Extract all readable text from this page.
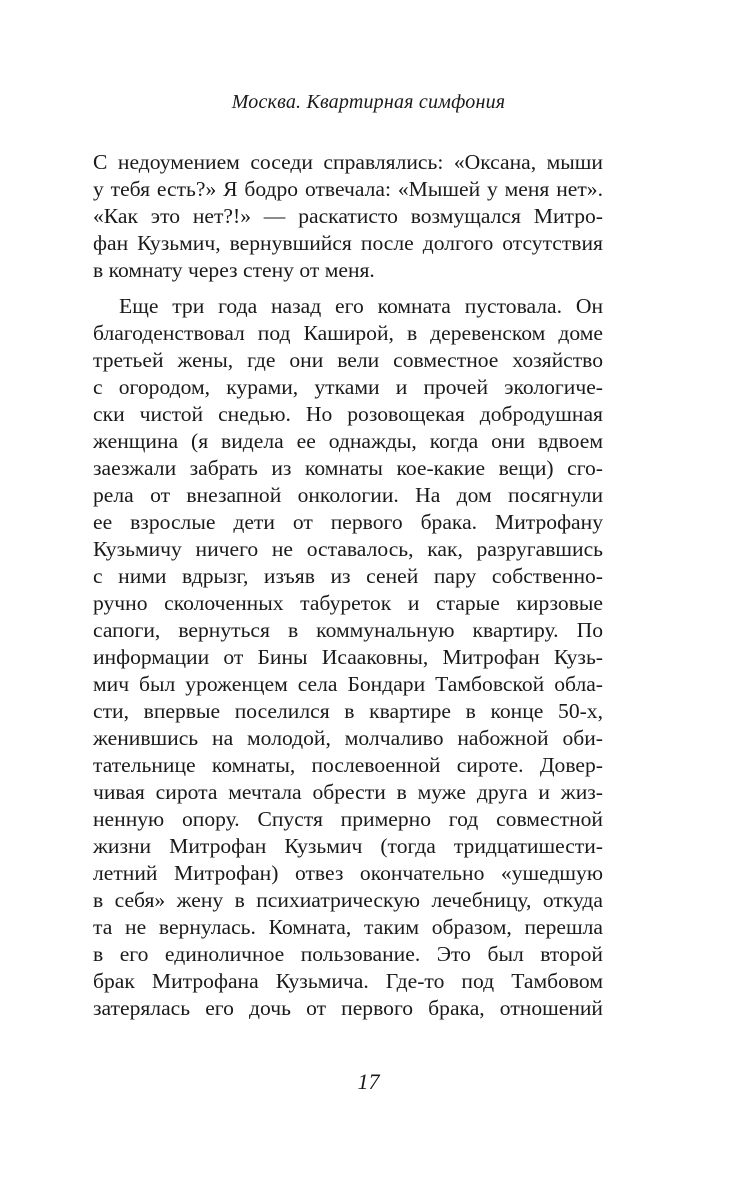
Москва. Квартирная симфония
С недоумением соседи справлялись: «Оксана, мыши
у тебя есть?» Я бодро отвечала: «Мышей у меня нет».
«Как это нет?!» — раскатисто возмущался Митро-
фан Кузьмич, вернувшийся после долгого отсутствия
в комнату через стену от меня.
Еще три года назад его комната пустовала. Он
благоденствовал под Каширой, в деревенском доме
третьей жены, где они вели совместное хозяйство
с огородом, курами, утками и прочей экологиче-
ски чистой снедью. Но розовощекая добродушная
женщина (я видела ее однажды, когда они вдвоем
заезжали забрать из комнаты кое-какие вещи) сго-
рела от внезапной онкологии. На дом посягнули
ее взрослые дети от первого брака. Митрофану
Кузьмичу ничего не оставалось, как, разругавшись
с ними вдрызг, изъяв из сеней пару собственно-
ручно сколоченных табуреток и старые кирзовые
сапоги, вернуться в коммунальную квартиру. По
информации от Бины Исааковны, Митрофан Кузь-
мич был уроженцем села Бондари Тамбовской обла-
сти, впервые поселился в квартире в конце 50-х,
женившись на молодой, молчаливо набожной оби-
тательнице комнаты, послевоенной сироте. Довер-
чивая сирота мечтала обрести в муже друга и жиз-
ненную опору. Спустя примерно год совместной
жизни Митрофан Кузьмич (тогда тридцатишести-
летний Митрофан) отвез окончательно «ушедшую
в себя» жену в психиатрическую лечебницу, откуда
та не вернулась. Комната, таким образом, перешла
в его единоличное пользование. Это был второй
брак Митрофана Кузьмича. Где-то под Тамбовом
затерялась его дочь от первого брака, отношений
17
